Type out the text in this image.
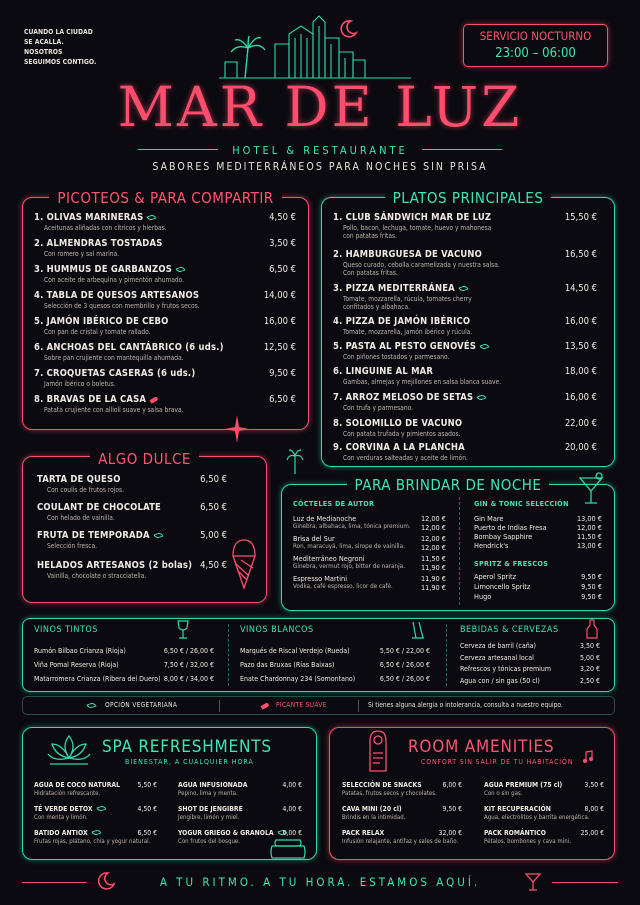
CUANDO LA CIUDAD
SE ACALLA.
NOSOTROS
SEGUIMOS CONTIGO.
SERVICIO NOCTURNO
23:00 – 06:00
MAR DE LUZ
HOTEL & RESTAURANTE
SABORES MEDITERRÁNEOS PARA NOCHES SIN PRISA
PICOTEOS & PARA COMPARTIR
1. OLIVAS MARINERAS	4,50 €
Aceitunas aliñadas con cítricos y hierbas.
2. ALMENDRAS TOSTADAS	3,50 €
Con romero y sal marina.
3. HUMMUS DE GARBANZOS	6,50 €
Con aceite de arbequina y pimentón ahumado.
4. TABLA DE QUESOS ARTESANOS	14,00 €
Selección de 3 quesos con membrillo y frutos secos.
5. JAMÓN IBÉRICO DE CEBO	16,00 €
Con pan de cristal y tomate rallado.
6. ANCHOAS DEL CANTÁBRICO (6 uds.)	12,50 €
Sobre pan crujiente con mantequilla ahumada.
7. CROQUETAS CASERAS (6 uds.)	9,50 €
Jamón ibérico o boletus.
8. BRAVAS DE LA CASA	6,50 €
Patata crujiente con allioli suave y salsa brava.
PLATOS PRINCIPALES
1. CLUB SÁNDWICH MAR DE LUZ	15,50 €
Pollo, bacon, lechuga, tomate, huevo y mahonesa
con patatas fritas.
2. HAMBURGUESA DE VACUNO	16,50 €
Queso curado, cebolla caramelizada y nuestra salsa.
Con patatas fritas.
3. PIZZA MEDITERRÁNEA	14,50 €
Tomate, mozzarella, rúcula, tomates cherry
confitados y albahaca.
4. PIZZA DE JAMÓN IBÉRICO	16,00 €
Tomate, mozzarella, jamón ibérico y rúcula.
5. PASTA AL PESTO GENOVÉS	13,50 €
Con piñones tostados y parmesano.
6. LINGUINE AL MAR	18,00 €
Gambas, almejas y mejillones en salsa blanca suave.
7. ARROZ MELOSO DE SETAS	16,00 €
Con trufa y parmesano.
8. SOLOMILLO DE VACUNO	22,00 €
Con patata trufada y pimientos asados.
9. CORVINA A LA PLANCHA	20,00 €
Con verduras salteadas y aceite de limón.
ALGO DULCE
TARTA DE QUESO	6,50 €
Con coulis de frutos rojos.
COULANT DE CHOCOLATE	6,50 €
Con helado de vainilla.
FRUTA DE TEMPORADA	5,00 €
Selección fresca.
HELADOS ARTESANOS (2 bolas) 4,50 €
Vainilla, chocolate o stracciatella.
PARA BRINDAR DE NOCHE
CÓCTELES DE AUTOR
Luz de Medianoche
Ginebra, albahaca, lima, tónica premium.
12,00 €
12,00 €
Brisa del Sur
Ron, maracuyá, lima, sirope de vainilla.
12,00 €
12,00 €
Mediterráneo Negroni
Ginebra, vermut rojo, bitter de naranja.
11,50 €
11,90 €
Espresso Martini
Vodka, café espresso, licor de café.
11,90 €
11,90 €
GIN & TONIC SELECCIÓN
Gin Mare	13,00 €
Puerto de Indias Fresa	12,00 €
Bombay Sapphire	11,50 €
Hendrick's	13,00 €
SPRITZ & FRESCOS
Aperol Spritz	9,50 €
Limoncello Spritz	9,50 €
Hugo	9,50 €
VINOS TINTOS
Rumón Bilbao Crianza (Rioja)	6,50 € / 26,00 €
Viña Pomal Reserva (Rioja)	7,50 € / 32,00 €
Matarromera Crianza (Ribera del Duero) 8,00 € / 34,00 €
VINOS BLANCOS
Marqués de Riscal Verdejo (Rueda)	5,50 € / 22,00 €
Pazo das Bruxas (Rías Baixas)	6,50 € / 26,00 €
Enate Chardonnay 234 (Somontano)	6,50 € / 26,00 €
BEBIDAS & CERVEZAS
Cerveza de barril (caña)	3,50 €
Cerveza artesanal local	5,00 €
Refrescos y tónicas premium	3,20 €
Agua con / sin gas (50 cl)	2,50 €
OPCIÓN VEGETARIANA	PICANTE SUAVE	Si tienes alguna alergia o intolerancia, consulta a nuestro equipo.
SPA REFRESHMENTS
BIENESTAR, A CUALQUIER HORA
AGUA DE COCO NATURAL
Hidratación refrescante.
5,50 €
TÉ VERDE DETOX
Con menta y limón.
4,50 €
BATIDO ANTIOX
Frutas rojas, plátano, chía y yogur natural.
6,50 €
AGUA INFUSIONADA
Pepino, lima y menta.
4,00 €
SHOT DE JENGIBRE
Jengibre, limón y miel.
4,00 €
YOGUR GRIEGO & GRANOLA
Con frutos del bosque.
6,00 €
ROOM AMENITIES
CONFORT SIN SALIR DE TU HABITACIÓN
SELECCIÓN DE SNACKS
Patatas, frutos secos y chocolates.
6,00 €
CAVA MINI (20 cl)
Brindis en la intimidad.
9,50 €
PACK RELAX
Infusión relajante, antifaz y sales de baño.
32,00 €
AGUA PREMIUM (75 cl)
Con o sin gas.
3,50 €
KIT RECUPERACIÓN
Agua, electrolitos y barrita energética.
8,00 €
PACK ROMÁNTICO
Pétalos, bombones y cava mini.
25,00 €
A TU RITMO. A TU HORA. ESTAMOS AQUÍ.
